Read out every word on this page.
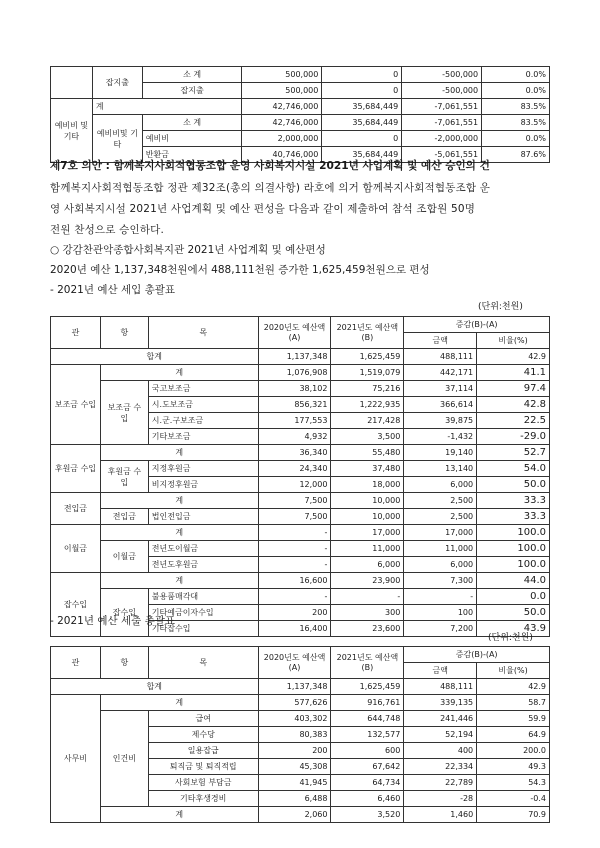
	잡지출	소 계	500,000	0	-500,000	0.0%
		잡지출	500,000	0	-500,000	0.0%
예비비 및 기타	계		42,746,000	35,684,449	-7,061,551	83.5%
	예비비및 기타	소 계	42,746,000	35,684,449	-7,061,551	83.5%
		예비비	2,000,000	0	-2,000,000	0.0%
		반환금	40,746,000	35,684,449	-5,061,551	87.6%
제7호 의안 : 함께복지사회적협동조합 운영 사회복지시설 2021년 사업계획 및 예산 승인의 건
함께복지사회적협동조합 정관 제32조(총의 의결사항) 라호에 의거 함께복지사회적협동조합 운
영 사회복지시설 2021년 사업계획 및 예산 편성을 다음과 같이 제출하여 참석 조합원 50명
전원 찬성으로 승인하다.
○ 강감찬관악종합사회복지관 2021년 사업계획 및 예산편성
2020년 예산 1,137,348천원에서 488,111천원 증가한 1,625,459천원으로 편성
- 2021년 예산 세입 총괄표
(단위:천원)
관	항	목	2020년도 예산액(A)	2021년도 예산액(B)	증감(B)-(A)	
					금액	비율(%)
합계			1,137,348	1,625,459	488,111	42.9
보조금 수입	계		1,076,908	1,519,079	442,171	41.1
	보조금 수입	국고보조금	38,102	75,216	37,114	97.4
		시.도보조금	856,321	1,222,935	366,614	42.8
		시.군.구보조금	177,553	217,428	39,875	22.5
		기타보조금	4,932	3,500	-1,432	-29.0
후원금 수입	계		36,340	55,480	19,140	52.7
	후원금 수입	지정후원금	24,340	37,480	13,140	54.0
		비지정후원금	12,000	18,000	6,000	50.0
전입금	계		7,500	10,000	2,500	33.3
	전입금	법인전입금	7,500	10,000	2,500	33.3
이월금	계		-	17,000	17,000	100.0
	이월금	전년도이월금	-	11,000	11,000	100.0
		전년도후원금	-	6,000	6,000	100.0
잡수입	계		16,600	23,900	7,300	44.0
	잡수입	불용품매각대	-	-	-	0.0
		기타예금이자수입	200	300	100	50.0
		기타잡수입	16,400	23,600	7,200	43.9
- 2021년 예산 세출 총괄표
(단위:천원)
관	항	목	2020년도 예산액(A)	2021년도 예산액(B)	증감(B)-(A)	
					금액	비율(%)
합계			1,137,348	1,625,459	488,111	42.9
사무비	계		577,626	916,761	339,135	58.7
	인건비	급여	403,302	644,748	241,446	59.9
		제수당	80,383	132,577	52,194	64.9
		일용잡급	200	600	400	200.0
		퇴직금 및 퇴직적립	45,308	67,642	22,334	49.3
		사회보험 부담금	41,945	64,734	22,789	54.3
		기타후생경비	6,488	6,460	-28	-0.4
	계		2,060	3,520	1,460	70.9
